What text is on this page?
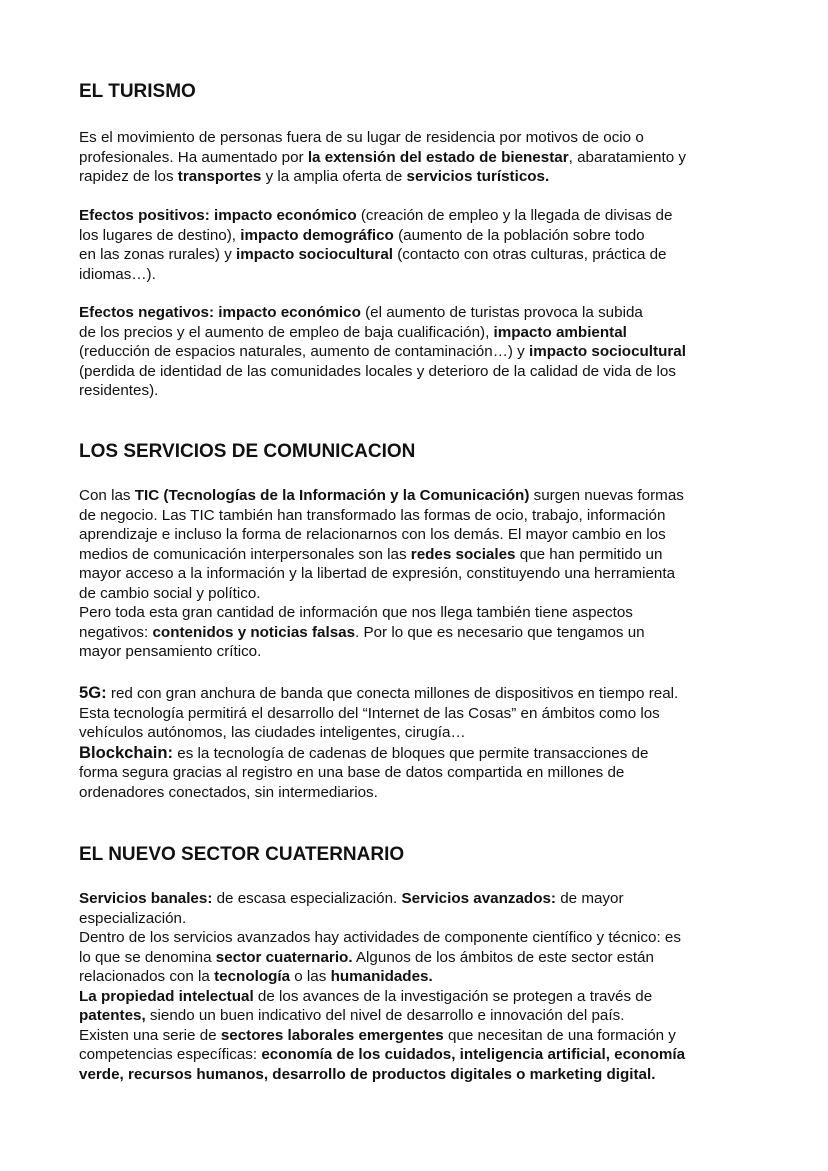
EL TURISMO
Es el movimiento de personas fuera de su lugar de residencia por motivos de ocio o
profesionales. Ha aumentado por la extensión del estado de bienestar, abaratamiento y
rapidez de los transportes y la amplia oferta de servicios turísticos.
Efectos positivos: impacto económico (creación de empleo y la llegada de divisas de
los lugares de destino), impacto demográfico (aumento de la población sobre todo
en las zonas rurales) y impacto sociocultural (contacto con otras culturas, práctica de
idiomas…).
Efectos negativos: impacto económico (el aumento de turistas provoca la subida
de los precios y el aumento de empleo de baja cualificación), impacto ambiental
(reducción de espacios naturales, aumento de contaminación…) y impacto sociocultural
(perdida de identidad de las comunidades locales y deterioro de la calidad de vida de los
residentes).
LOS SERVICIOS DE COMUNICACION
Con las TIC (Tecnologías de la Información y la Comunicación) surgen nuevas formas
de negocio. Las TIC también han transformado las formas de ocio, trabajo, información
aprendizaje e incluso la forma de relacionarnos con los demás. El mayor cambio en los
medios de comunicación interpersonales son las redes sociales que han permitido un
mayor acceso a la información y la libertad de expresión, constituyendo una herramienta
de cambio social y político.
Pero toda esta gran cantidad de información que nos llega también tiene aspectos
negativos: contenidos y noticias falsas. Por lo que es necesario que tengamos un
mayor pensamiento crítico.
5G: red con gran anchura de banda que conecta millones de dispositivos en tiempo real.
Esta tecnología permitirá el desarrollo del “Internet de las Cosas” en ámbitos como los
vehículos autónomos, las ciudades inteligentes, cirugía…
Blockchain: es la tecnología de cadenas de bloques que permite transacciones de
forma segura gracias al registro en una base de datos compartida en millones de
ordenadores conectados, sin intermediarios.
EL NUEVO SECTOR CUATERNARIO
Servicios banales: de escasa especialización. Servicios avanzados: de mayor
especialización.
Dentro de los servicios avanzados hay actividades de componente científico y técnico: es
lo que se denomina sector cuaternario. Algunos de los ámbitos de este sector están
relacionados con la tecnología o las humanidades.
La propiedad intelectual de los avances de la investigación se protegen a través de
patentes, siendo un buen indicativo del nivel de desarrollo e innovación del país.
Existen una serie de sectores laborales emergentes que necesitan de una formación y
competencias específicas: economía de los cuidados, inteligencia artificial, economía
verde, recursos humanos, desarrollo de productos digitales o marketing digital.
